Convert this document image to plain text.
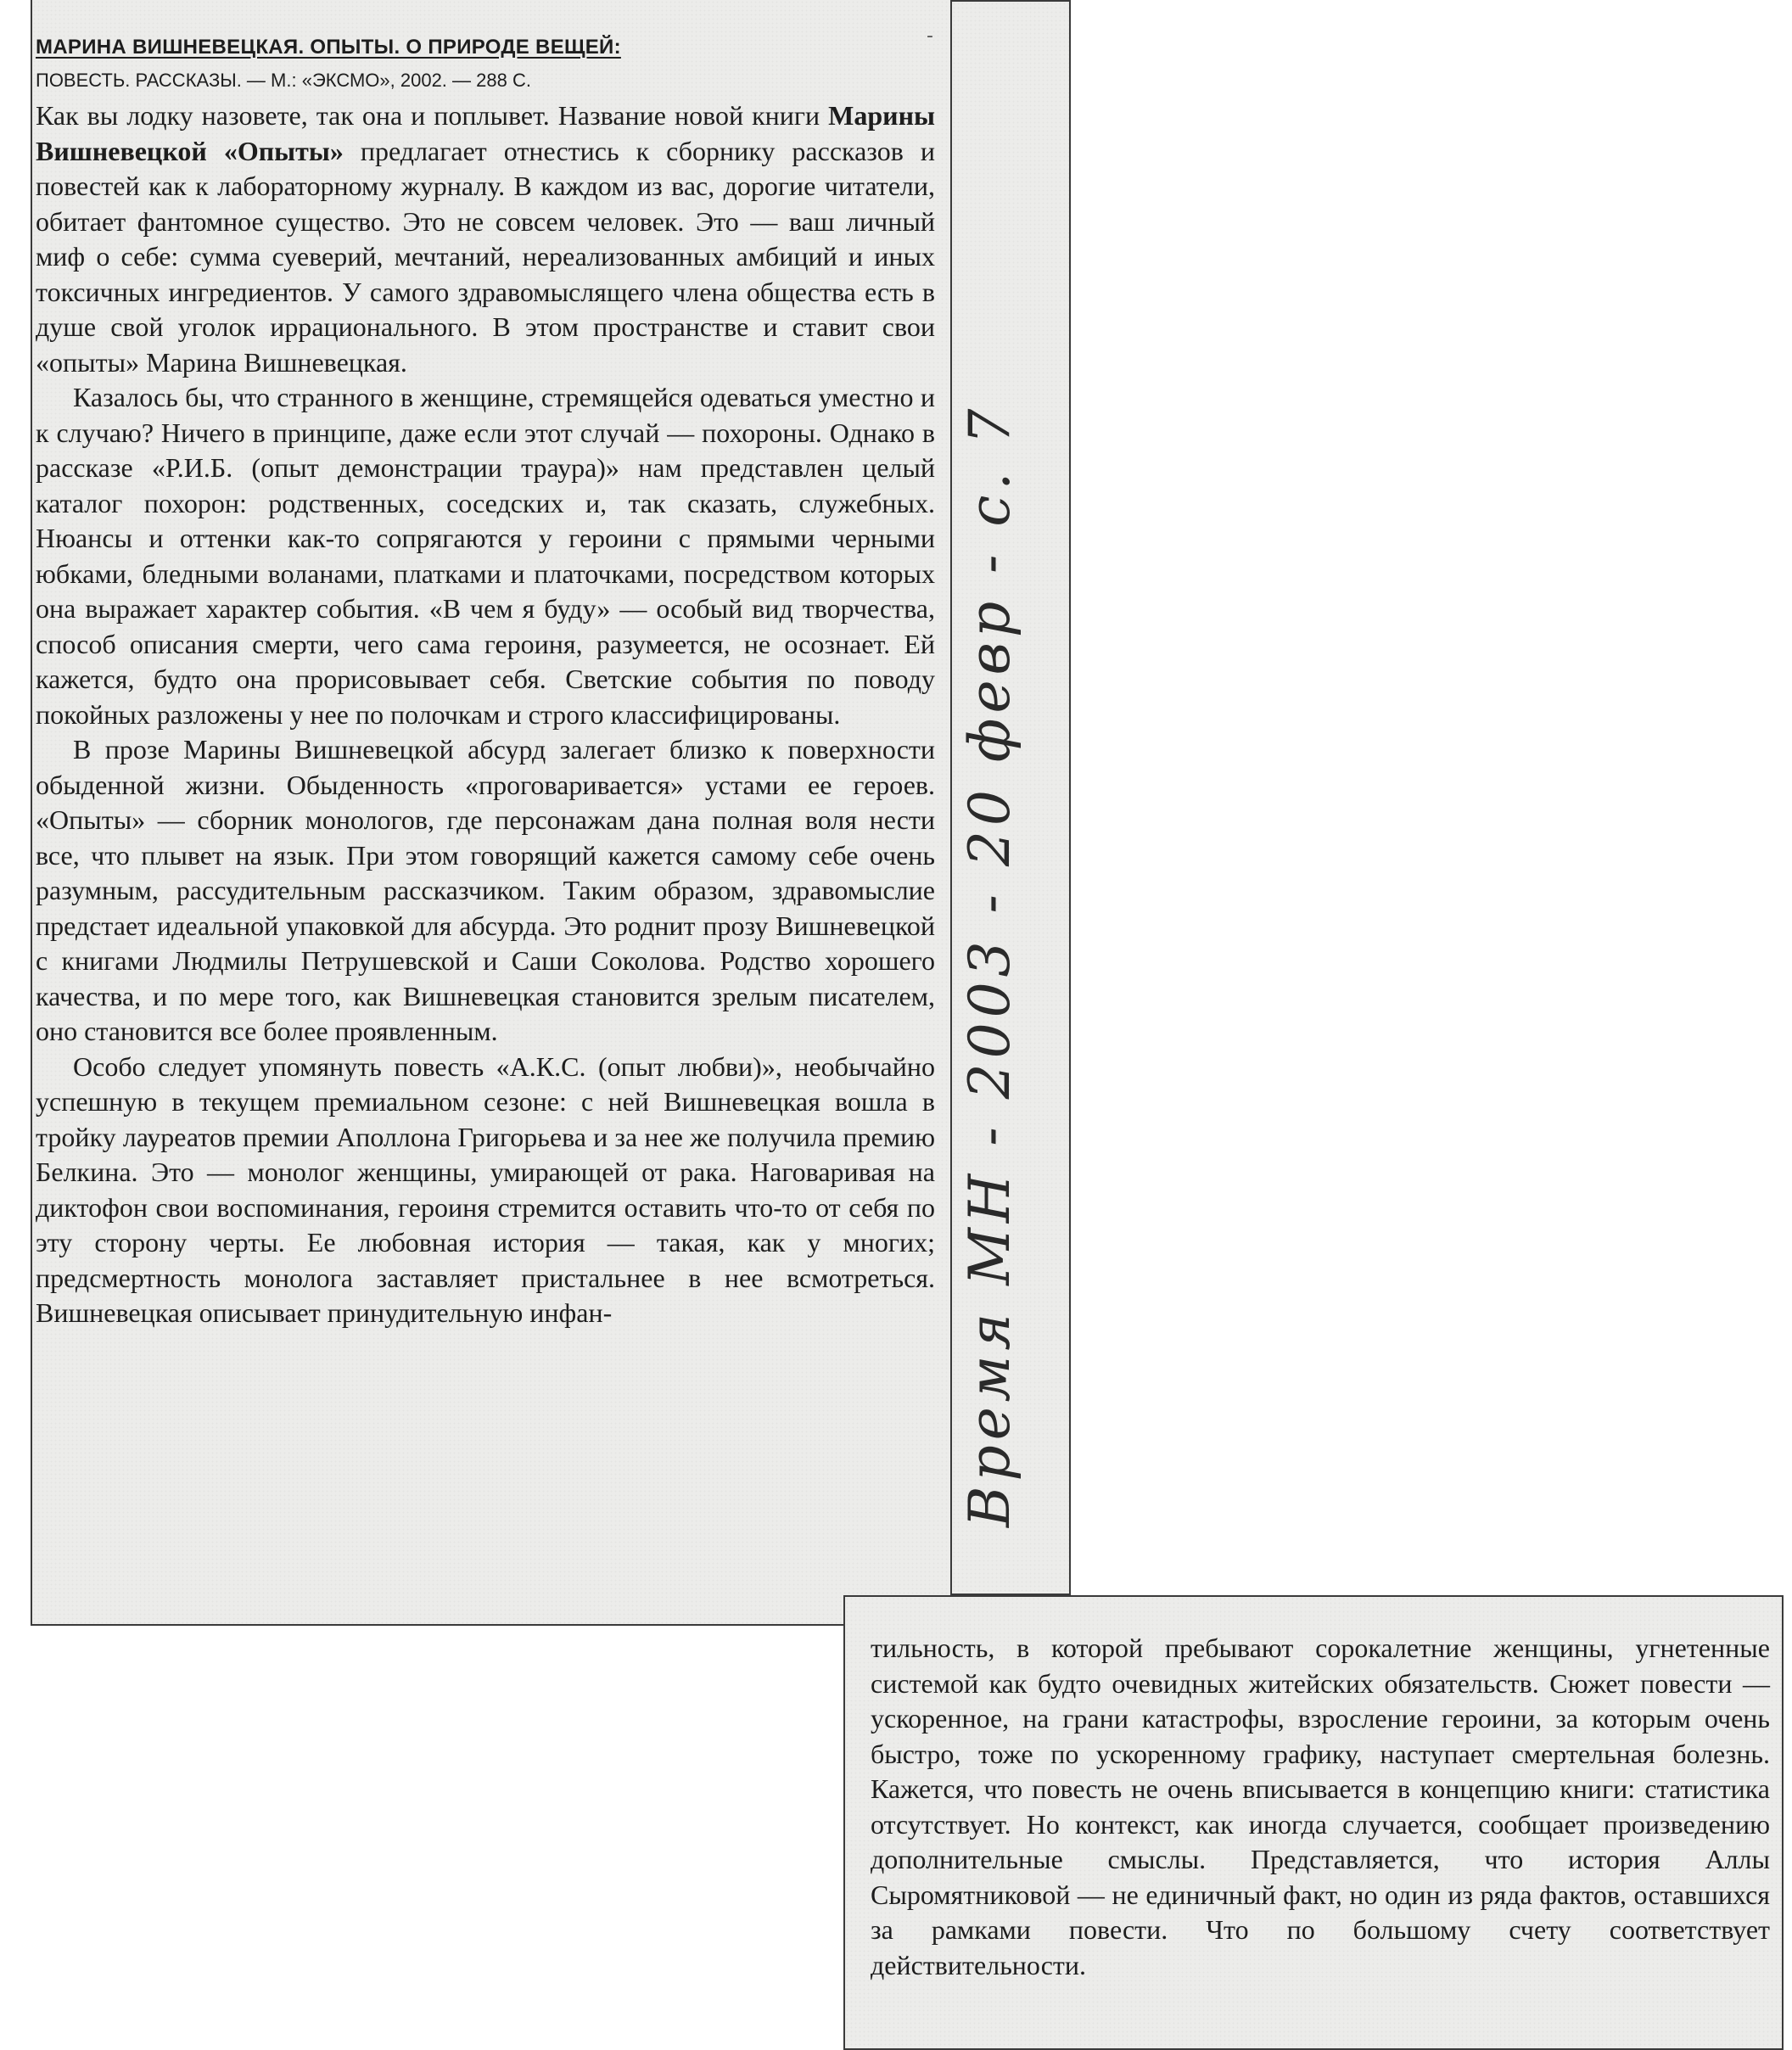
МАРИНА ВИШНЕВЕЦКАЯ. ОПЫТЫ. О ПРИРОДЕ ВЕЩЕЙ:
ПОВЕСТЬ. РАССКАЗЫ. — М.: «ЭКСМО», 2002. — 288 С.

Как вы лодку назовете, так она и поплывет. Название новой книги Марины Вишневецкой «Опыты» предлагает отнестись к сборнику рассказов и повестей как к лабораторному журналу. В каждом из вас, дорогие читатели, обитает фантомное существо. Это не совсем человек. Это — ваш личный миф о себе: сумма суеверий, мечтаний, нереализованных амбиций и иных токсичных ингредиентов. У самого здравомыслящего члена общества есть в душе свой уголок иррационального. В этом пространстве и ставит свои «опыты» Марина Вишневецкая.

Казалось бы, что странного в женщине, стремящейся одеваться уместно и к случаю? Ничего в принципе, даже если этот случай — похороны. Однако в рассказе «Р.И.Б. (опыт демонстрации траура)» нам представлен целый каталог похорон: родственных, соседских и, так сказать, служебных. Нюансы и оттенки как-то сопрягаются у героини с прямыми черными юбками, бледными воланами, платками и платочками, посредством которых она выражает характер события. «В чем я буду» — особый вид творчества, способ описания смерти, чего сама героиня, разумеется, не осознает. Ей кажется, будто она прорисовывает себя. Светские события по поводу покойных разложены у нее по полочкам и строго классифицированы.

В прозе Марины Вишневецкой абсурд залегает близко к поверхности обыденной жизни. Обыденность «проговаривается» устами ее героев. «Опыты» — сборник монологов, где персонажам дана полная воля нести все, что плывет на язык. При этом говорящий кажется самому себе очень разумным, рассудительным рассказчиком. Таким образом, здравомыслие предстает идеальной упаковкой для абсурда. Это роднит прозу Вишневецкой с книгами Людмилы Петрушевской и Саши Соколова. Родство хорошего качества, и по мере того, как Вишневецкая становится зрелым писателем, оно становится все более проявленным.

Особо следует упомянуть повесть «А.К.С. (опыт любви)», необычайно успешную в текущем премиальном сезоне: с ней Вишневецкая вошла в тройку лауреатов премии Аполлона Григорьева и за нее же получила премию Белкина. Это — монолог женщины, умирающей от рака. Наговаривая на диктофон свои воспоминания, героиня стремится оставить что-то от себя по эту сторону черты. Ее любовная история — такая, как у многих; предсмертность монолога заставляет пристальнее в нее всмотреться. Вишневецкая описывает принудительную инфан-

-

тильность, в которой пребывают сорокалетние женщины, угнетенные системой как будто очевидных житейских обязательств. Сюжет повести — ускоренное, на грани катастрофы, взросление героини, за которым очень быстро, тоже по ускоренному графику, наступает смертельная болезнь. Кажется, что повесть не очень вписывается в концепцию книги: статистика отсутствует. Но контекст, как иногда случается, сообщает произведению дополнительные смыслы. Представляется, что история Аллы Сыромятниковой — не единичный факт, но один из ряда фактов, оставшихся за рамками повести. Что по большому счету соответствует действительности.

Время МН - 2003 - 20 февр - с. 7
